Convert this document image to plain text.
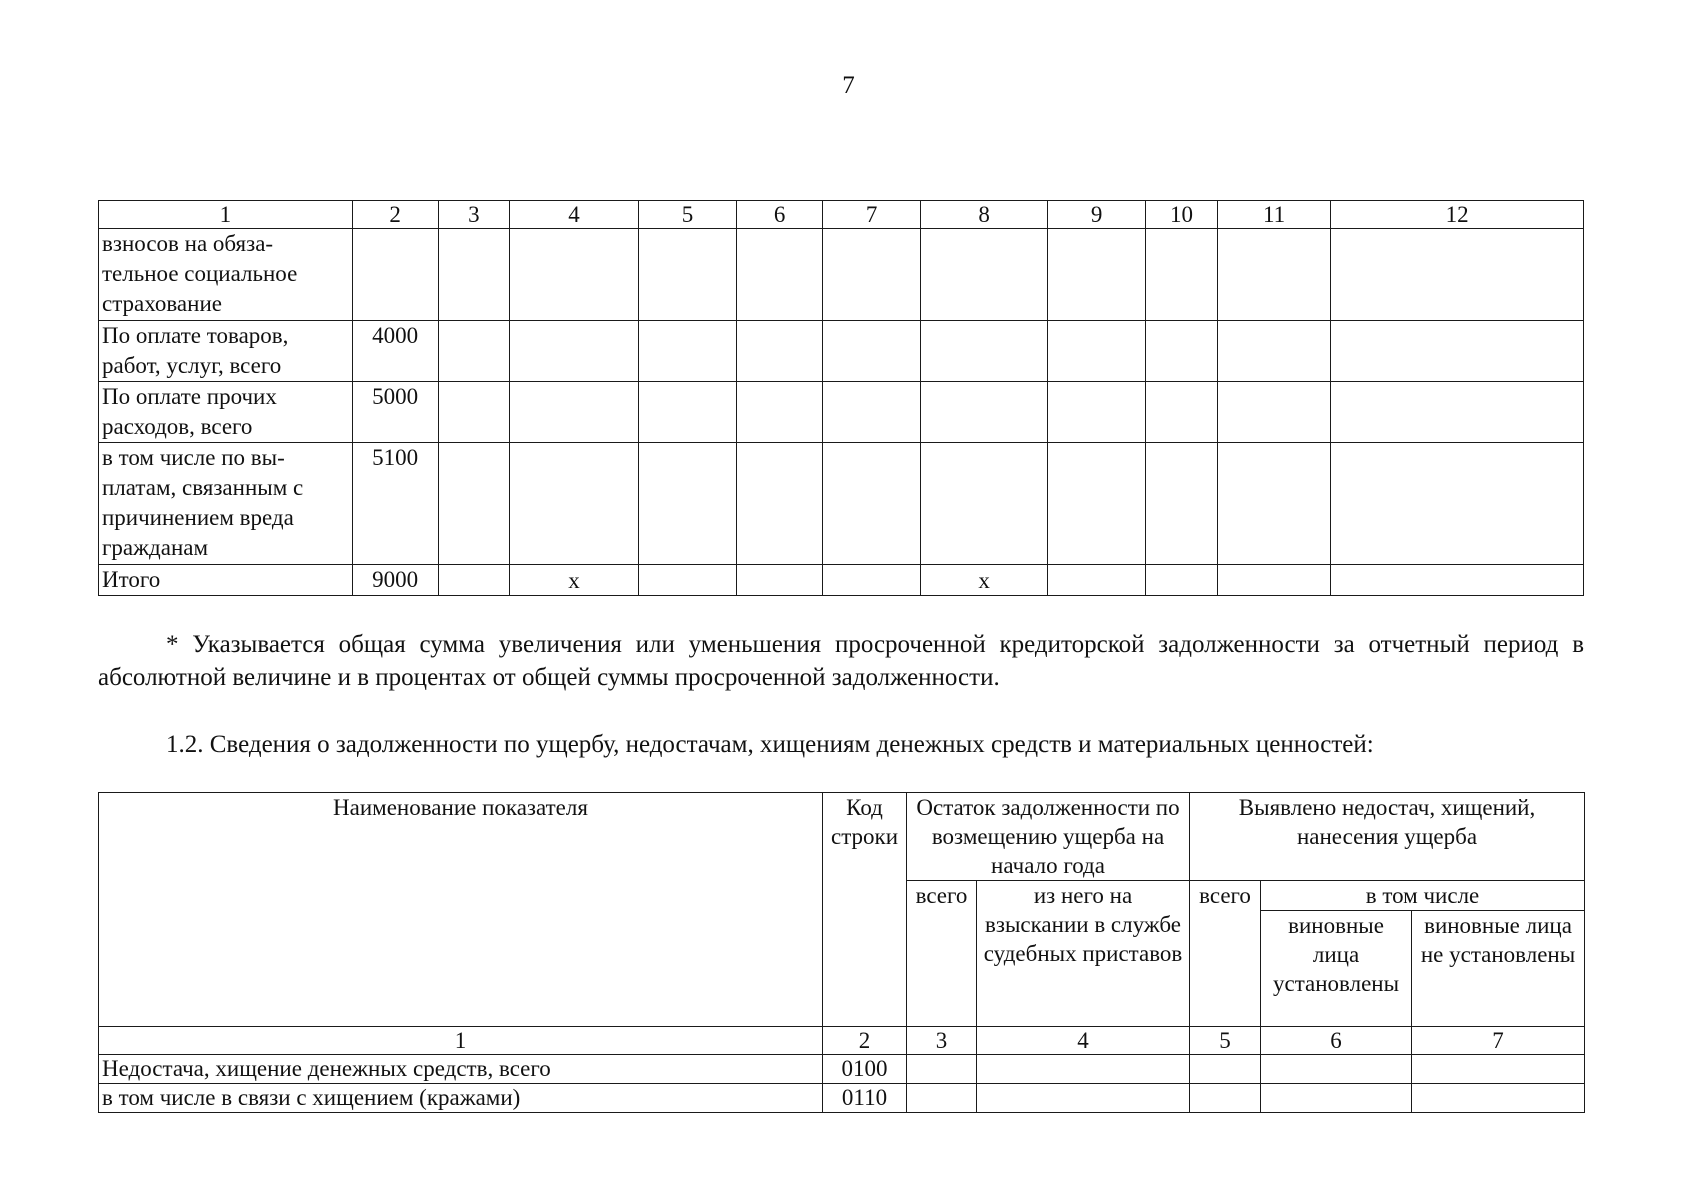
7
1	2	3	4	5	6	7	8	9	10	11	12
взносов на обяза-
тельное социальное
страхование											
По оплате товаров,
работ, услуг, всего	4000										
По оплате прочих
расходов, всего	5000										
в том числе по вы-
платам, связанным с
причинением вреда
гражданам	5100										
Итого	9000		x				x				
* Указывается общая сумма увеличения или уменьшения просроченной кредиторской задолженности за отчетный период в абсолютной величине и в процентах от общей суммы просроченной задолженности.
1.2. Сведения о задолженности по ущербу, недостачам, хищениям денежных средств и материальных ценностей:
Наименование показателя	Код строки	Остаток задолженности по возмещению ущерба на начало года		Выявлено недостач, хищений, нанесения ущерба		
		всего	из него на взыскании в службе судебных приставов	всего	в том числе	
					виновные лица установлены	виновные лица не установлены
1	2	3	4	5	6	7
Недостача, хищение денежных средств, всего	0100					
в том числе в связи с хищением (кражами)	0110					
